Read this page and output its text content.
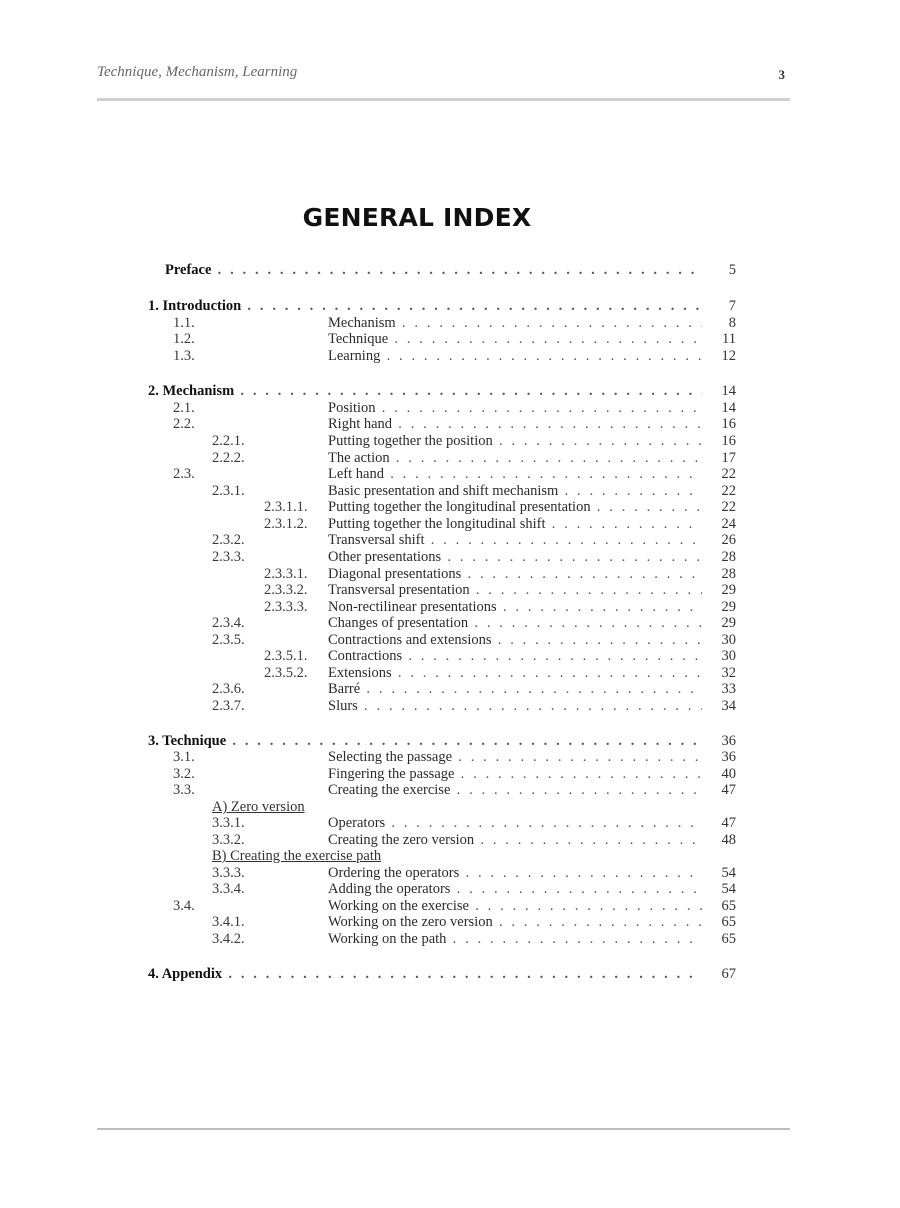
Technique, Mechanism, Learning	3
GENERAL INDEX
Preface . . .	5
1. Introduction . . .	7
1.1.	Mechanism . . .	8
1.2.	Technique . . .	11
1.3.	Learning . . .	12
2. Mechanism . . .	14
2.1.	Position . . .	14
2.2.	Right hand . . .	16
2.2.1.	Putting together the position . . .	16
2.2.2.	The action . . .	17
2.3.	Left hand . . .	22
2.3.1.	Basic presentation and shift mechanism . . .	22
2.3.1.1. Putting together the longitudinal presentation . . .	22
2.3.1.2. Putting together the longitudinal shift . . .	24
2.3.2.	Transversal shift . . .	26
2.3.3.	Other presentations . . .	28
2.3.3.1. Diagonal presentations . . .	28
2.3.3.2. Transversal presentation . . .	29
2.3.3.3. Non-rectilinear presentations . . .	29
2.3.4.	Changes of presentation . . .	29
2.3.5.	Contractions and extensions . . .	30
2.3.5.1. Contractions . . .	30
2.3.5.2. Extensions . . .	32
2.3.6.	Barré . . .	33
2.3.7.	Slurs . . .	34
3. Technique . . .	36
3.1.	Selecting the passage . . .	36
3.2.	Fingering the passage . . .	40
3.3.	Creating the exercise . . .	47
A) Zero version
3.3.1.	Operators . . .	47
3.3.2.	Creating the zero version . . .	48
B) Creating the exercise path
3.3.3.	Ordering the operators . . .	54
3.3.4.	Adding the operators . . .	54
3.4.	Working on the exercise . . .	65
3.4.1.	Working on the zero version . . .	65
3.4.2.	Working on the path . . .	65
4. Appendix . . .	67
